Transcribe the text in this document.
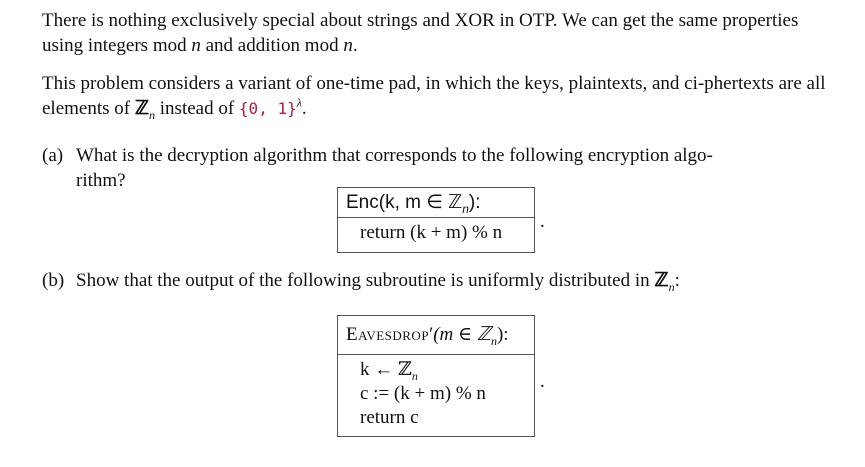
There is nothing exclusively special about strings and XOR in OTP. We can get the same properties using integers mod n and addition mod n.

This problem considers a variant of one-time pad, in which the keys, plaintexts, and ci-phertexts are all elements of ℤ$_n$ instead of {0, 1}$^\lambda$.

(a) What is the decryption algorithm that corresponds to the following encryption algo-
rithm?
Enc(k, m ∈ ℤ$_n$):
return (k + m) % n
.
(b) Show that the output of the following subroutine is uniformly distributed in ℤ$_n$:
Eavesdrop′(m ∈ ℤ$_n$):
k ← ℤ$_n$
c := (k + m) % n
return c
.
